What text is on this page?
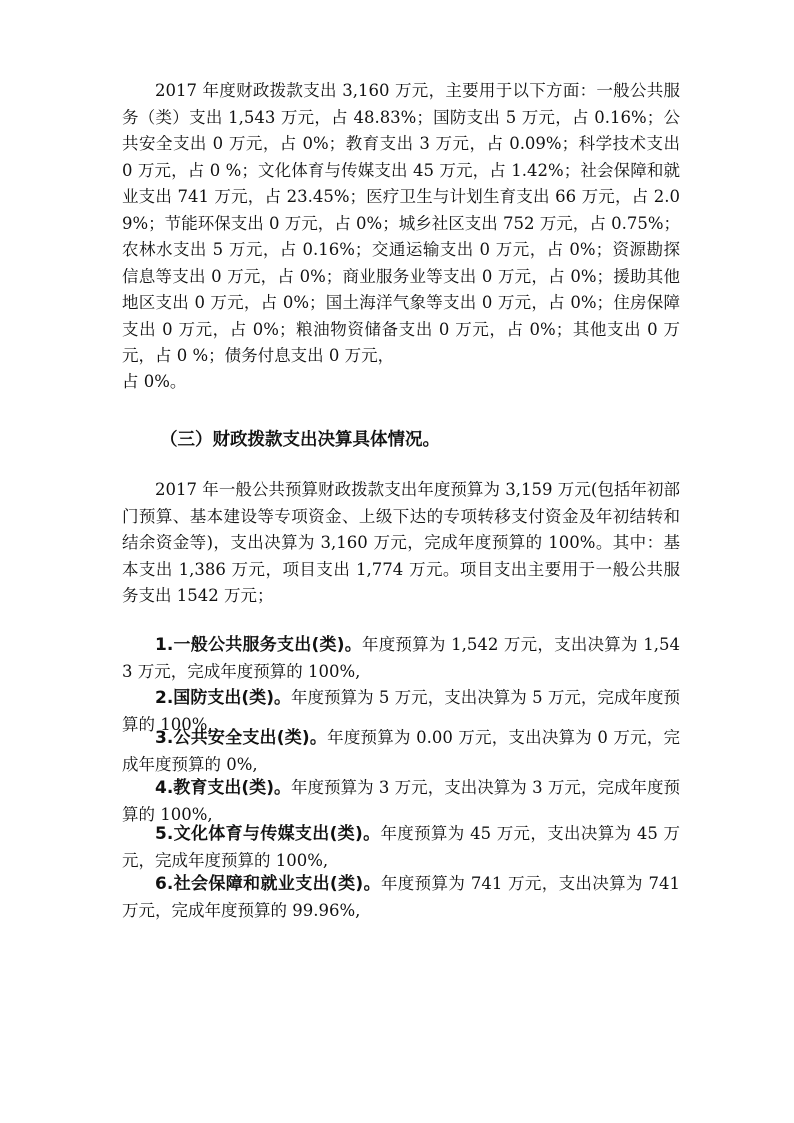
2017 年度财政拨款支出 3,160 万元，主要用于以下方面：一般公共服务（类）支出 1,543 万元，占 48.83%；国防支出 5 万元，占 0.16%；公共安全支出 0 万元，占 0%；教育支出 3 万元，占 0.09%；科学技术支出 0 万元，占 0 %；文化体育与传媒支出 45 万元，占 1.42%；社会保障和就业支出 741 万元，占 23.45%；医疗卫生与计划生育支出 66 万元，占 2.09%；节能环保支出 0 万元，占 0%；城乡社区支出 752 万元，占 0.75%；农林水支出 5 万元，占 0.16%；交通运输支出 0 万元，占 0%；资源勘探信息等支出 0 万元，占 0%；商业服务业等支出 0 万元，占 0%；援助其他地区支出 0 万元，占 0%；国土海洋气象等支出 0 万元，占 0%；住房保障支出 0 万元，占 0%；粮油物资储备支出 0 万元，占 0%；其他支出 0 万元，占 0 %；债务付息支出 0 万元，

占 0%。

（三）财政拨款支出决算具体情况。

2017 年一般公共预算财政拨款支出年度预算为 3,159 万元(包括年初部门预算、基本建设等专项资金、上级下达的专项转移支付资金及年初结转和结余资金等)，支出决算为 3,160 万元，完成年度预算的 100%。其中：基本支出 1,386 万元，项目支出 1,774 万元。项目支出主要用于一般公共服务支出 1542 万元；

1.一般公共服务支出(类)。年度预算为 1,542 万元，支出决算为 1,543 万元，完成年度预算的 100%,

2.国防支出(类)。年度预算为 5 万元，支出决算为 5 万元，完成年度预算的 100%,

3.公共安全支出(类)。年度预算为 0.00 万元，支出决算为 0 万元，完成年度预算的 0%,

4.教育支出(类)。年度预算为 3 万元，支出决算为 3 万元，完成年度预算的 100%,

5.文化体育与传媒支出(类)。年度预算为 45 万元，支出决算为 45 万元，完成年度预算的 100%,

6.社会保障和就业支出(类)。年度预算为 741 万元，支出决算为 741 万元，完成年度预算的 99.96%,
